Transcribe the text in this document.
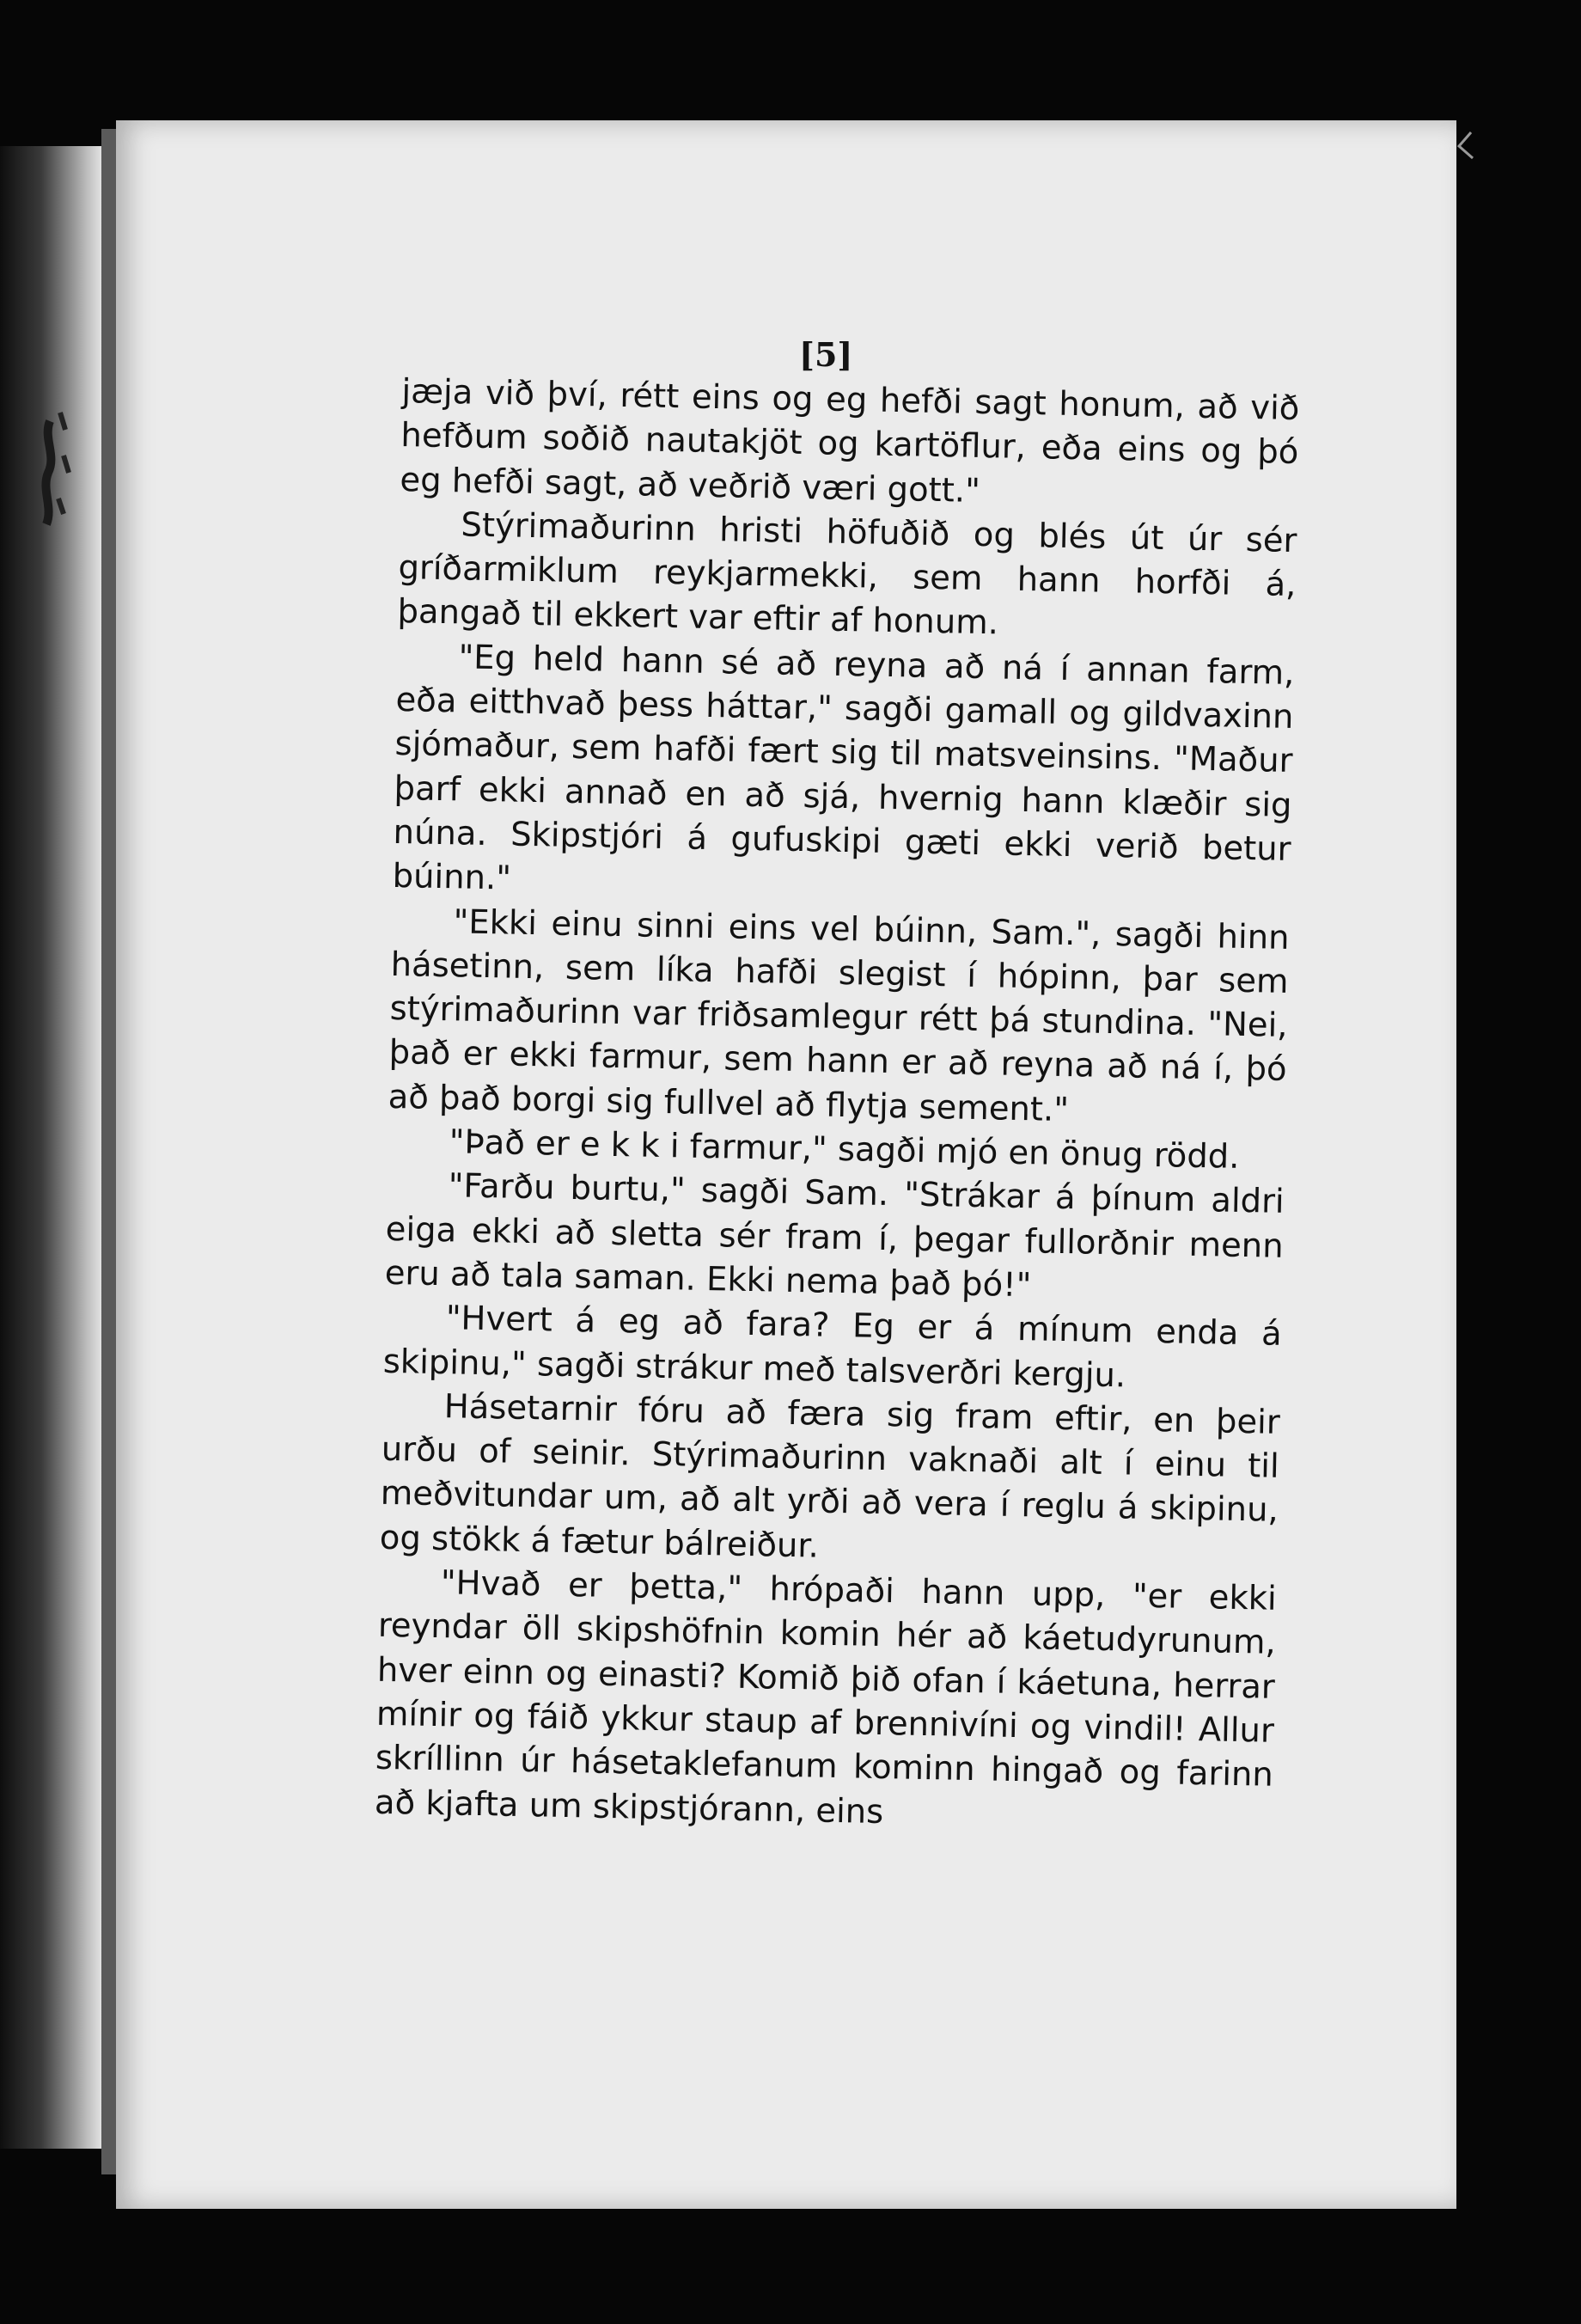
[5]

jæja við því, rétt eins og eg hefði sagt honum, að við hefðum soðið nautakjöt og kartöflur, eða eins og þó eg hefði sagt, að veðrið væri gott."

Stýrimaðurinn hristi höfuðið og blés út úr sér gríðarmiklum reykjarmekki, sem hann horfði á, þangað til ekkert var eftir af honum.

"Eg held hann sé að reyna að ná í annan farm, eða eitthvað þess háttar," sagði gamall og gildvaxinn sjómaður, sem hafði fært sig til matsveinsins. "Maður þarf ekki annað en að sjá, hvernig hann klæðir sig núna. Skipstjóri á gufuskipi gæti ekki verið betur búinn."

"Ekki einu sinni eins vel búinn, Sam.", sagði hinn hásetinn, sem líka hafði slegist í hópinn, þar sem stýrimaðurinn var friðsamlegur rétt þá stundina. "Nei, það er ekki farmur, sem hann er að reyna að ná í, þó að það borgi sig fullvel að flytja sement."

"Það er e k k i farmur," sagði mjó en önug rödd.

"Farðu burtu," sagði Sam. "Strákar á þínum aldri eiga ekki að sletta sér fram í, þegar fullorðnir menn eru að tala saman. Ekki nema það þó!"

"Hvert á eg að fara? Eg er á mínum enda á skipinu," sagði strákur með talsverðri kergju.

Hásetarnir fóru að færa sig fram eftir, en þeir urðu of seinir. Stýrimaðurinn vaknaði alt í einu til meðvitundar um, að alt yrði að vera í reglu á skipinu, og stökk á fætur bálreiður.

"Hvað er þetta," hrópaði hann upp, "er ekki reyndar öll skipshöfnin komin hér að káetudyrunum, hver einn og einasti? Komið þið ofan í káetuna, herrar mínir og fáið ykkur staup af brennivíni og vindil! Allur skríllinn úr hásetaklefanum kominn hingað og farinn að kjafta um skipstjórann, eins
